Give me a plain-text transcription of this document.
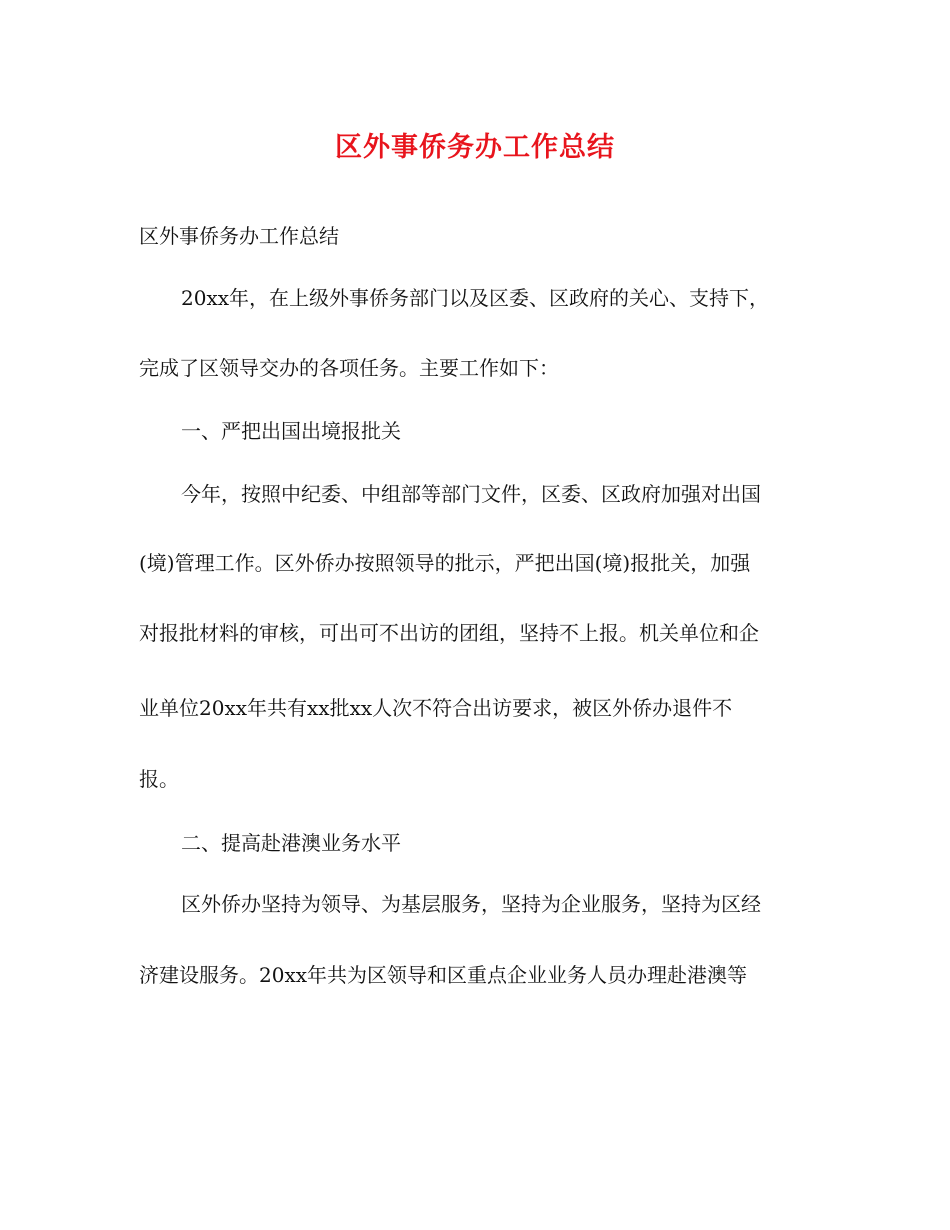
区外事侨务办工作总结
区外事侨务办工作总结
20xx年，在上级外事侨务部门以及区委、区政府的关心、支持下，
完成了区领导交办的各项任务。主要工作如下：
一、严把出国出境报批关
今年，按照中纪委、中组部等部门文件，区委、区政府加强对出国
(境)管理工作。区外侨办按照领导的批示，严把出国(境)报批关，加强
对报批材料的审核，可出可不出访的团组，坚持不上报。机关单位和企
业单位20xx年共有xx批xx人次不符合出访要求，被区外侨办退件不
报。
二、提高赴港澳业务水平
区外侨办坚持为领导、为基层服务，坚持为企业服务，坚持为区经
济建设服务。20xx年共为区领导和区重点企业业务人员办理赴港澳等
